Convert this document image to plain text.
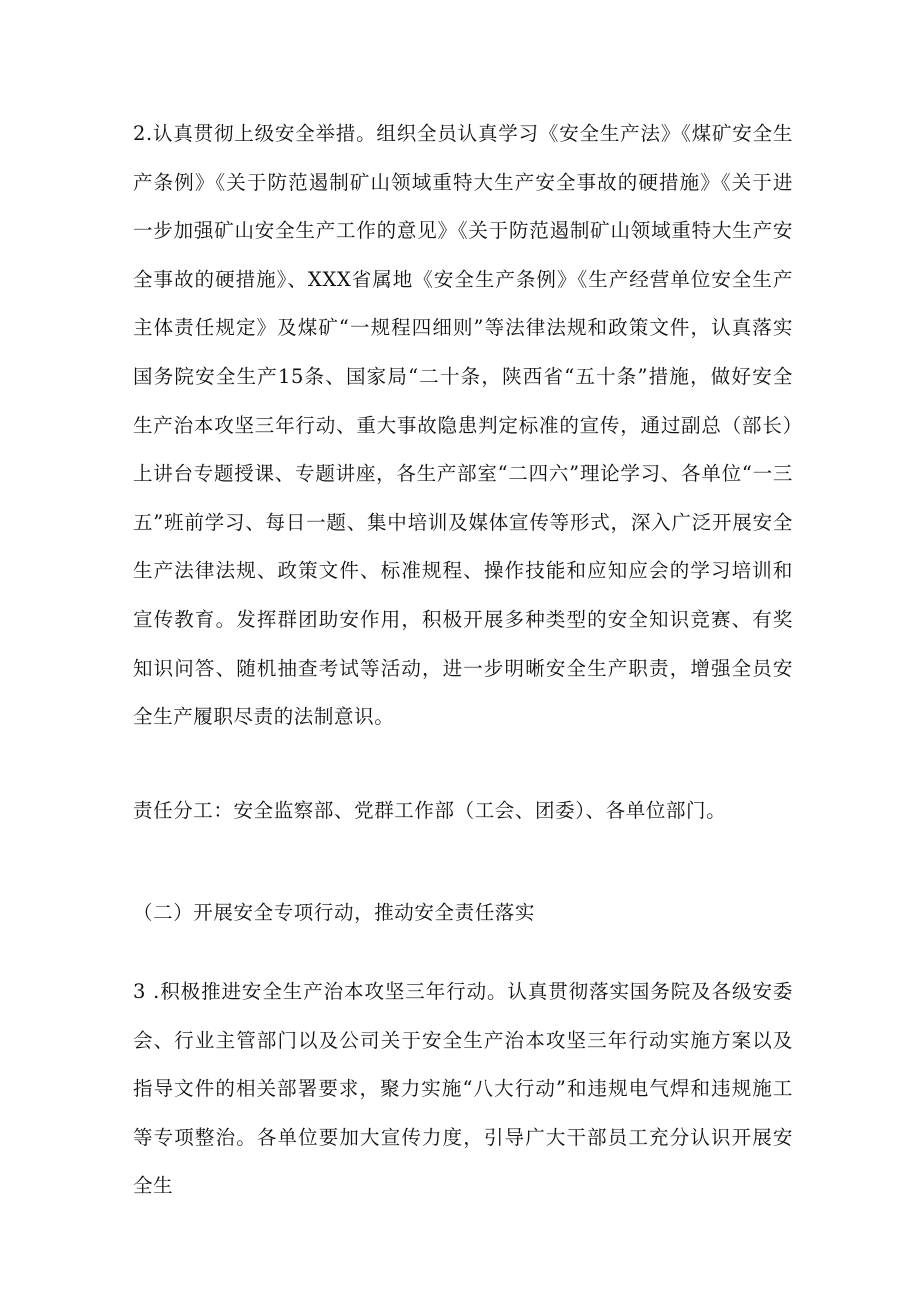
2.认真贯彻上级安全举措。组织全员认真学习《安全生产法》《煤矿安全生产条例》《关于防范遏制矿山领域重特大生产安全事故的硬措施》《关于进一步加强矿山安全生产工作的意见》《关于防范遏制矿山领域重特大生产安全事故的硬措施》、XXX省属地《安全生产条例》《生产经营单位安全生产主体责任规定》及煤矿“一规程四细则”等法律法规和政策文件，认真落实国务院安全生产15条、国家局“二十条，陕西省“五十条”措施，做好安全生产治本攻坚三年行动、重大事故隐患判定标准的宣传，通过副总（部长）上讲台专题授课、专题讲座，各生产部室“二四六”理论学习、各单位“一三五”班前学习、每日一题、集中培训及媒体宣传等形式，深入广泛开展安全生产法律法规、政策文件、标准规程、操作技能和应知应会的学习培训和宣传教育。发挥群团助安作用，积极开展多种类型的安全知识竞赛、有奖知识问答、随机抽查考试等活动，进一步明晰安全生产职责，增强全员安全生产履职尽责的法制意识。

责任分工：安全监察部、党群工作部（工会、团委）、各单位部门。

（二）开展安全专项行动，推动安全责任落实

3 .积极推进安全生产治本攻坚三年行动。认真贯彻落实国务院及各级安委会、行业主管部门以及公司关于安全生产治本攻坚三年行动实施方案以及指导文件的相关部署要求，聚力实施“八大行动”和违规电气焊和违规施工等专项整治。各单位要加大宣传力度，引导广大干部员工充分认识开展安全生
